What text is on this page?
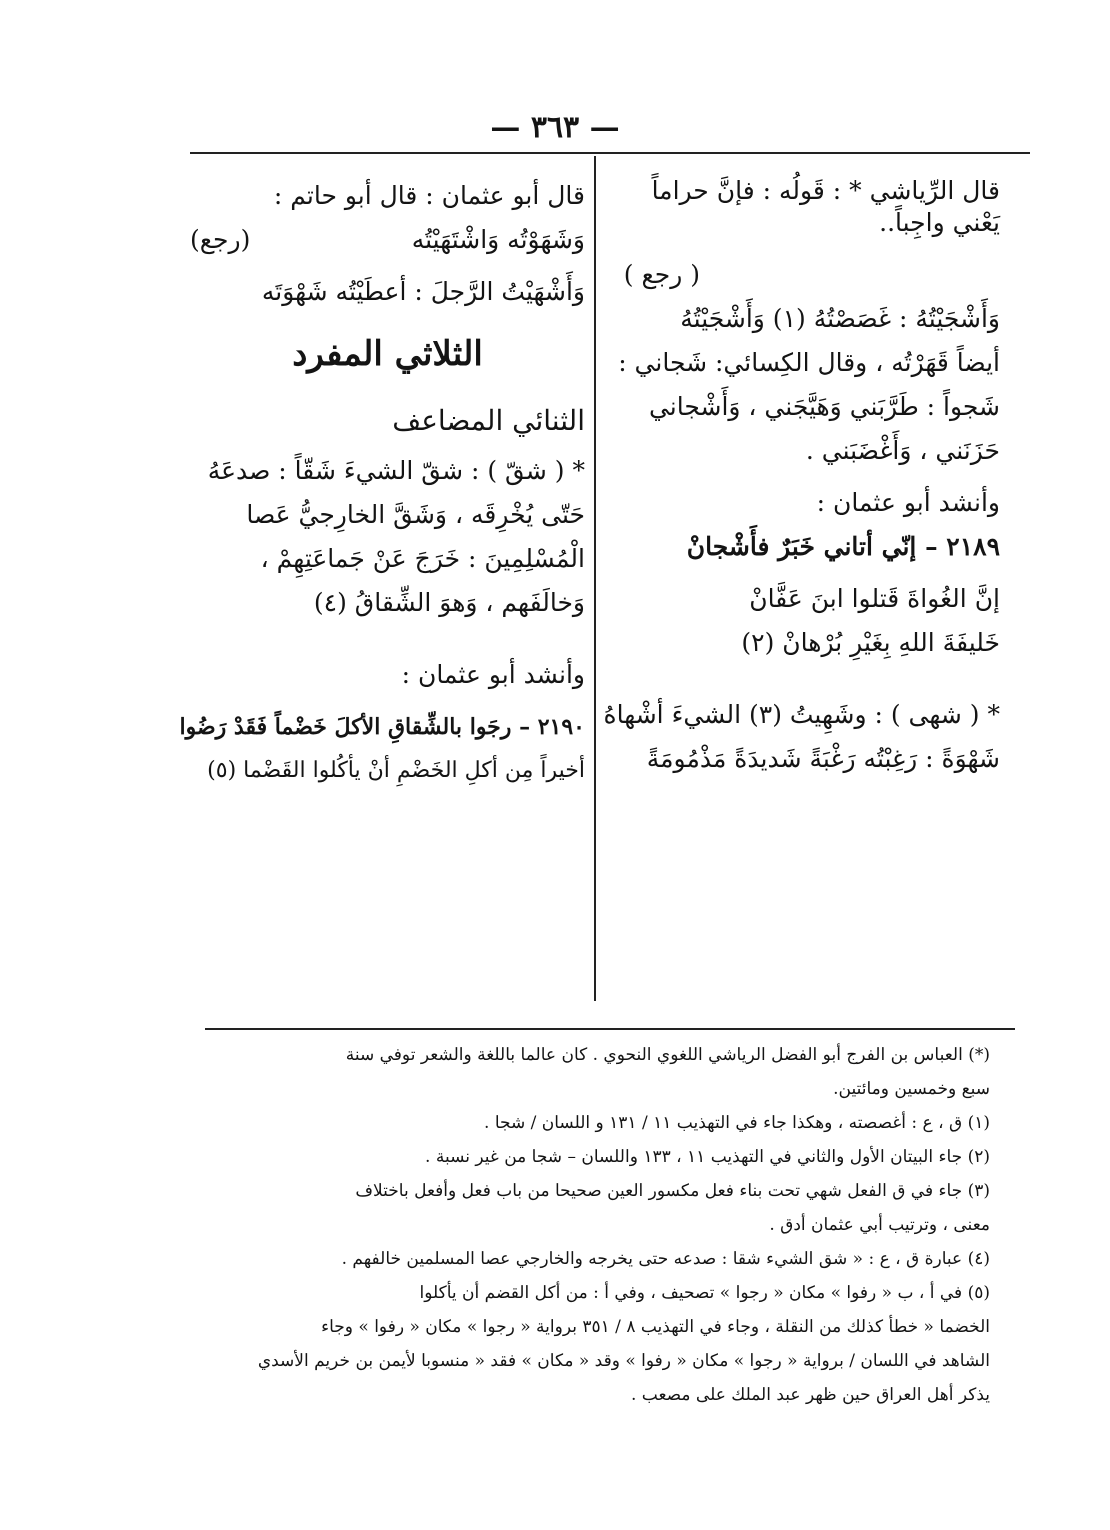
— ٣٦٣ —
قال الرِّياشي * : قَولُه : فإنَّ حراماً
يَعْني واجِباً..
( رجع )
وَأَشْجَيْتُهُ : غَصَصْتُهُ (١) وَأَشْجَيْتُهُ
أيضاً قَهَرْتُه ، وقال الكِسائي: شَجاني :
شَجواً : طَرَّبَني وَهَيَّجَني ، وَأَشْجاني
حَزَنَني ، وَأَغْضَبَني .
وأنشد أبو عثمان :
٢١٨٩ – إنّي أتاني خَبَرٌ فأَشْجانْ
إنَّ الغُواةَ قَتلوا ابنَ عَفَّانْ
خَليفَةَ اللهِ بِغَيْرِ بُرْهانْ (٢)
* ( شهى ) : وشَهِيتُ (٣) الشيءَ أشْهاهُ
شَهْوَةً : رَغِبْتُه رَغْبَةً شَديدَةً مَذْمُومَةً
قال أبو عثمان : قال أبو حاتم :
وَشَهَوْتُه وَاشْتَهَيْتُه
(رجع)
وَأَشْهَيْتُ الرَّجلَ : أعطَيْتُه شَهْوَتَه
الثلاثي المفرد
الثنائي المضاعف
* ( شقّ ) : شقّ الشيءَ شَقّاً : صدعَهُ
حَتّى يُخْرِقَه ، وَشَقَّ الخارِجيُّ عَصا
الْمُسْلِمِينَ : خَرَجَ عَنْ جَماعَتِهِمْ ،
وَخالَفَهم ، وَهوَ الشِّقاقُ (٤)
وأنشد أبو عثمان :
٢١٩٠ – رجَوا بالشِّقاقِ الأكلَ خَضْماً فَقَدْ رَضُوا
أخيراً مِن أكلِ الخَضْمِ أنْ يأكُلوا القَضْما (٥)
(*) العباس بن الفرج أبو الفضل الرياشي اللغوي النحوي . كان عالما باللغة والشعر توفي سنة
سبع وخمسين ومائتين.
(١) ق ، ع : أغصصته ، وهكذا جاء في التهذيب ١١ / ١٣١ و اللسان / شجا .
(٢) جاء البيتان الأول والثاني في التهذيب ١١ ، ١٣٣ واللسان – شجا من غير نسبة .
(٣) جاء في ق الفعل شهي تحت بناء فعل مكسور العين صحيحا من باب فعل وأفعل باختلاف
معنى ، وترتيب أبي عثمان أدق .
(٤) عبارة ق ، ع : « شق الشيء شقا : صدعه حتى يخرجه والخارجي عصا المسلمين خالفهم .
(٥) في أ ، ب « رفوا » مكان « رجوا » تصحيف ، وفي أ : من أكل القضم أن يأكلوا
الخضما « خطأ كذلك من النقلة ، وجاء في التهذيب ٨ / ٣٥١ برواية « رجوا » مكان « رفوا » وجاء
الشاهد في اللسان / برواية « رجوا » مكان « رفوا » وقد « مكان » فقد « منسوبا لأيمن بن خريم الأسدي
يذكر أهل العراق حين ظهر عبد الملك على مصعب .
